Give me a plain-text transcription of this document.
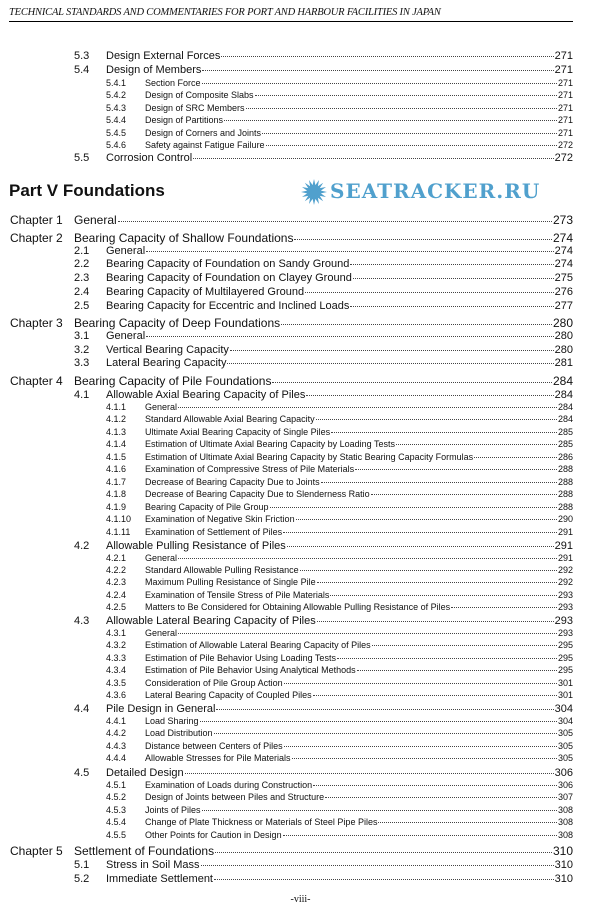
TECHNICAL STANDARDS AND COMMENTARIES FOR PORT AND HARBOUR FACILITIES IN JAPAN
Part V Foundations
5.3	Design External Forces	271
5.4	Design of Members	271
5.4.1	Section Force	271
5.4.2	Design of Composite Slabs	271
5.4.3	Design of SRC Members	271
5.4.4	Design of Partitions	271
5.4.5	Design of Corners and Joints	271
5.4.6	Safety against Fatigue Failure	272
5.5	Corrosion Control	272
Chapter 1 General	273
Chapter 2 Bearing Capacity of Shallow Foundations	274
2.1	General	274
2.2	Bearing Capacity of Foundation on Sandy Ground	274
2.3	Bearing Capacity of Foundation on Clayey Ground	275
2.4	Bearing Capacity of Multilayered Ground	276
2.5	Bearing Capacity for Eccentric and Inclined Loads	277
Chapter 3 Bearing Capacity of Deep Foundations	280
3.1	General	280
3.2	Vertical Bearing Capacity	280
3.3	Lateral Bearing Capacity	281
Chapter 4 Bearing Capacity of Pile Foundations	284
4.1	Allowable Axial Bearing Capacity of Piles	284
4.1.1	General	284
4.1.2	Standard Allowable Axial Bearing Capacity	284
4.1.3	Ultimate Axial Bearing Capacity of Single Piles	285
4.1.4	Estimation of Ultimate Axial Bearing Capacity by Loading Tests	285
4.1.5	Estimation of Ultimate Axial Bearing Capacity by Static Bearing Capacity Formulas	286
4.1.6	Examination of Compressive Stress of Pile Materials	288
4.1.7	Decrease of Bearing Capacity Due to Joints	288
4.1.8	Decrease of Bearing Capacity Due to Slenderness Ratio	288
4.1.9	Bearing Capacity of Pile Group	288
4.1.10	Examination of Negative Skin Friction	290
4.1.11	Examination of Settlement of Piles	291
4.2	Allowable Pulling Resistance of Piles	291
4.2.1	General	291
4.2.2	Standard Allowable Pulling Resistance	292
4.2.3	Maximum Pulling Resistance of Single Pile	292
4.2.4	Examination of Tensile Stress of Pile Materials	293
4.2.5	Matters to Be Considered for Obtaining Allowable Pulling Resistance of Piles	293
4.3	Allowable Lateral Bearing Capacity of Piles	293
4.3.1	General	293
4.3.2	Estimation of Allowable Lateral Bearing Capacity of Piles	295
4.3.3	Estimation of Pile Behavior Using Loading Tests	295
4.3.4	Estimation of Pile Behavior Using Analytical Methods	295
4.3.5	Consideration of Pile Group Action	301
4.3.6	Lateral Bearing Capacity of Coupled Piles	301
4.4	Pile Design in General	304
4.4.1	Load Sharing	304
4.4.2	Load Distribution	305
4.4.3	Distance between Centers of Piles	305
4.4.4	Allowable Stresses for Pile Materials	305
4.5	Detailed Design	306
4.5.1	Examination of Loads during Construction	306
4.5.2	Design of Joints between Piles and Structure	307
4.5.3	Joints of Piles	308
4.5.4	Change of Plate Thickness or Materials of Steel Pipe Piles	308
4.5.5	Other Points for Caution in Design	308
Chapter 5 Settlement of Foundations	310
5.1	Stress in Soil Mass	310
5.2	Immediate Settlement	310
-viii-
SEATRACKER.RU
